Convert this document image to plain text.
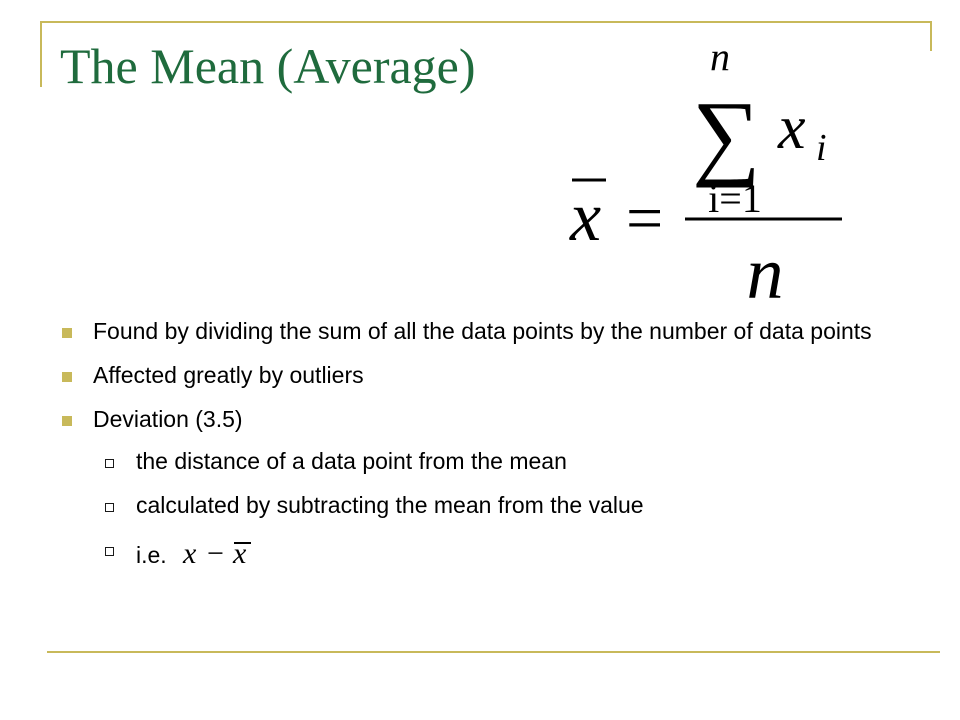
The Mean (Average)	n
∑ x i
i=1
n
x =
Found by dividing the sum of all the data points by the number of data points
Affected greatly by outliers
Deviation (3.5)
the distance of a data point from the mean
calculated by subtracting the mean from the value
i.e. x − x
